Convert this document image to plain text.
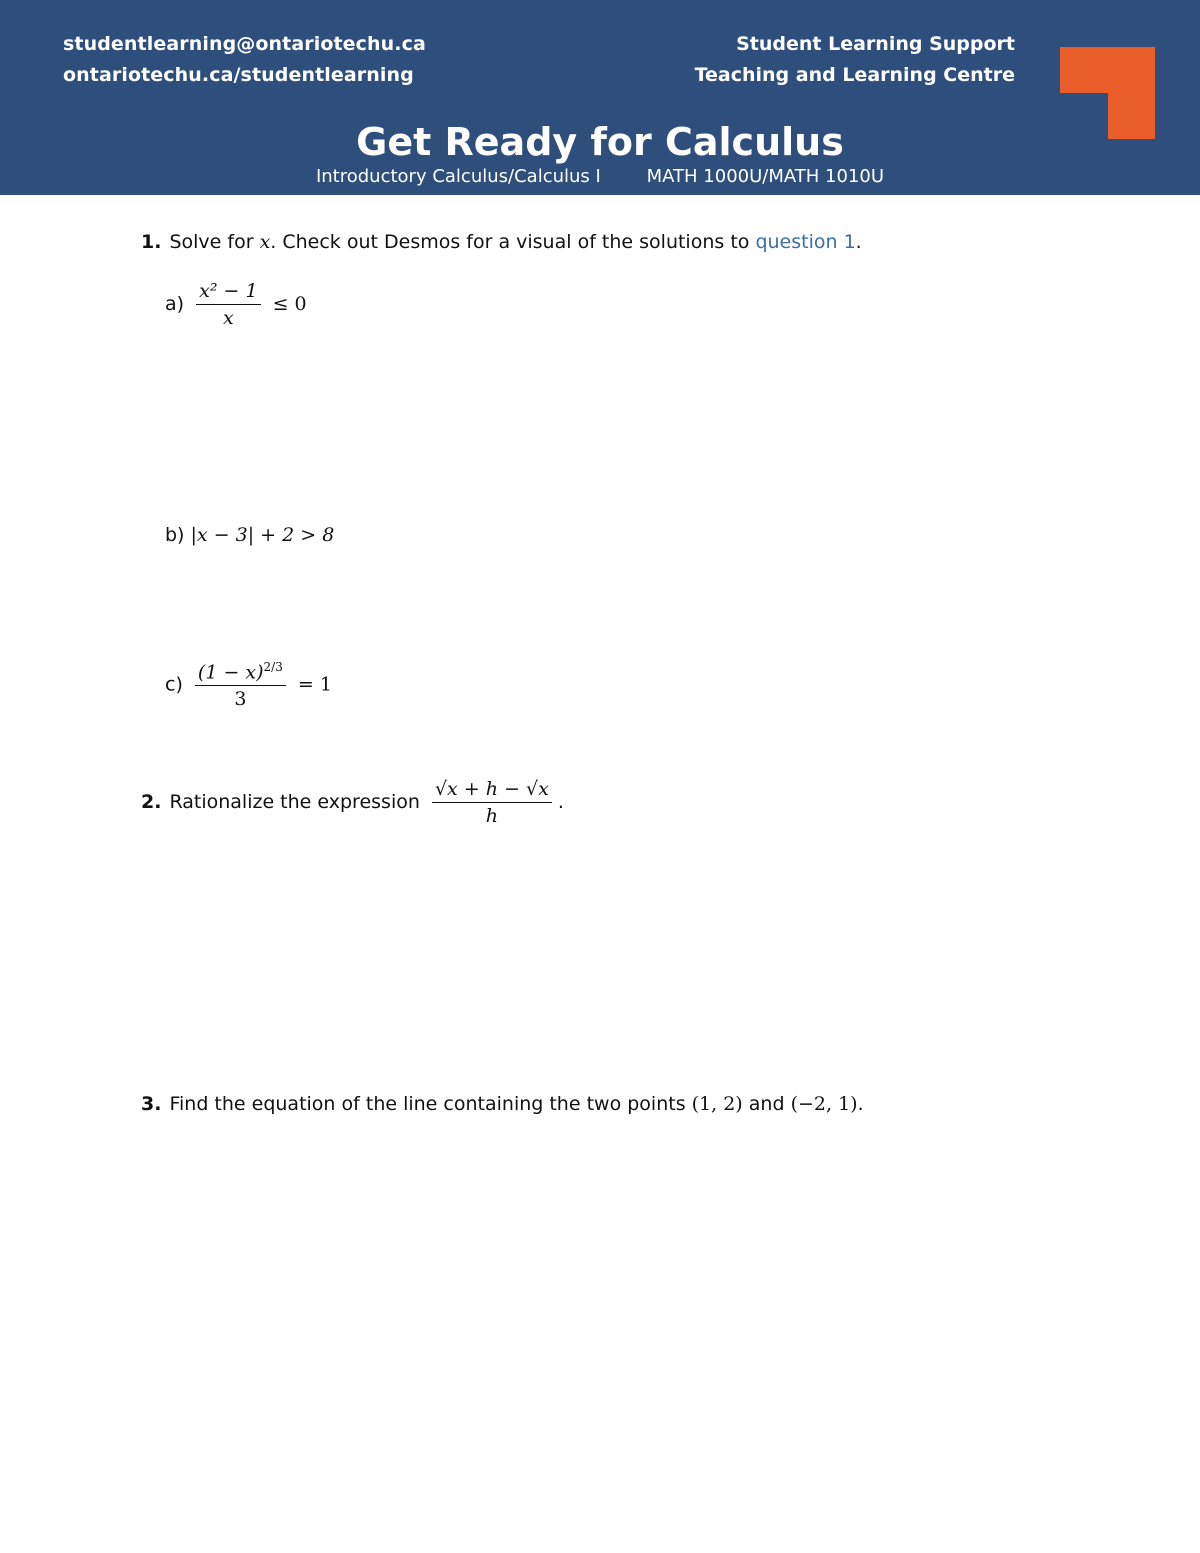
studentlearning@ontariotechu.ca
ontariotechu.ca/studentlearning
Student Learning Support
Teaching and Learning Centre
Get Ready for Calculus
Introductory Calculus/Calculus I        MATH 1000U/MATH 1010U
1. Solve for x. Check out Desmos for a visual of the solutions to question 1.
$a) \frac{\text{x² − 1}}{x} \le 0$
b) |x − 3| + 2 > 8
$c) \frac{(1 - x)^{2/3}}{3} = 1$
2. Rationalize the expression $\frac{√x + h - √x}{h}$ .
3. Find the equation of the line containing the two points (1, 2) and (−2, 1).
